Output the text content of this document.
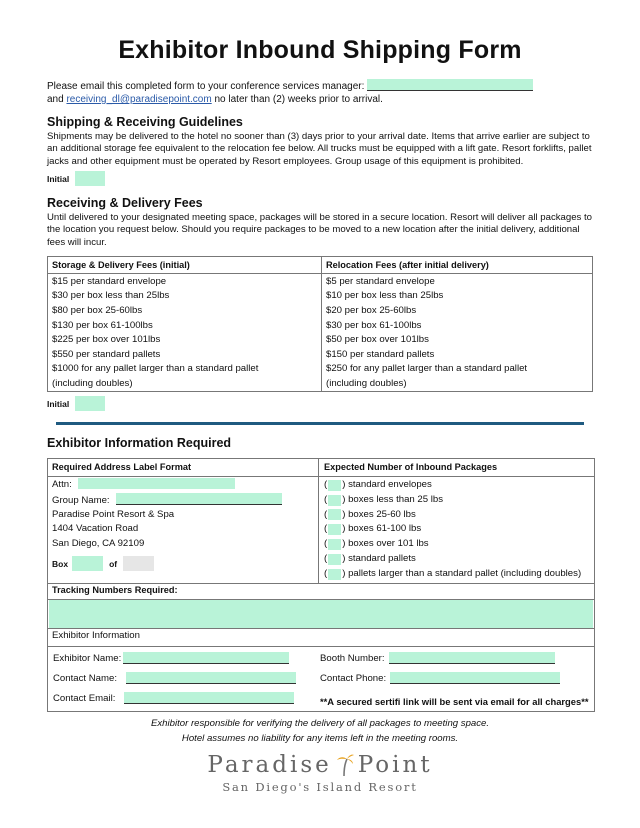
Exhibitor Inbound Shipping Form
Please email this completed form to your conference services manager:
and receiving_dl@paradisepoint.com no later than (2) weeks prior to arrival.
Shipping & Receiving Guidelines
Shipments may be delivered to the hotel no sooner than (3) days prior to your arrival date. Items that arrive earlier are subject to an additional storage fee equivalent to the relocation fee below. All trucks must be equipped with a lift gate. Resort forklifts, pallet jacks and other equipment must be operated by Resort employees. Group usage of this equipment is prohibited.
Initial
Receiving & Delivery Fees
Until delivered to your designated meeting space, packages will be stored in a secure location. Resort will deliver all packages to the location you request below. Should you require packages to be moved to a new location after the initial delivery, additional fees will incur.
Storage & Delivery Fees (initial)	Relocation Fees (after initial delivery)
$15 per standard envelope	$5 per standard envelope
$30 per box less than 25lbs	$10 per box less than 25lbs
$80 per box 25-60lbs	$20 per box 25-60lbs
$130 per box 61-100lbs	$30 per box 61-100lbs
$225 per box over 101lbs	$50 per box over 101lbs
$550 per standard pallets	$150 per standard pallets
$1000 for any pallet larger than a standard pallet	$250 for any pallet larger than a standard pallet
(including doubles)	(including doubles)
Initial
Exhibitor Information Required
Required Address Label Format	Expected Number of Inbound Packages
Attn:
Group Name:
Paradise Point Resort & Spa
1404 Vacation Road
San Diego, CA 92109
Box	of
( )
standard envelopes
( )
boxes less than 25 lbs
( )
boxes 25-60 lbs
( )
boxes 61-100 lbs
( )
boxes over 101 lbs
( )
standard pallets
( )
pallets larger than a standard pallet (including doubles)
Tracking Numbers Required:
Exhibitor Information
Exhibitor Name:	Booth Number:
Contact Name:	Contact Phone:
Contact Email:	**A secured sertifi link will be sent via email for all charges**
Exhibitor responsible for verifying the delivery of all packages to meeting space.
Hotel assumes no liability for any items left in the meeting rooms.
Paradise Point
San Diego's Island Resort
